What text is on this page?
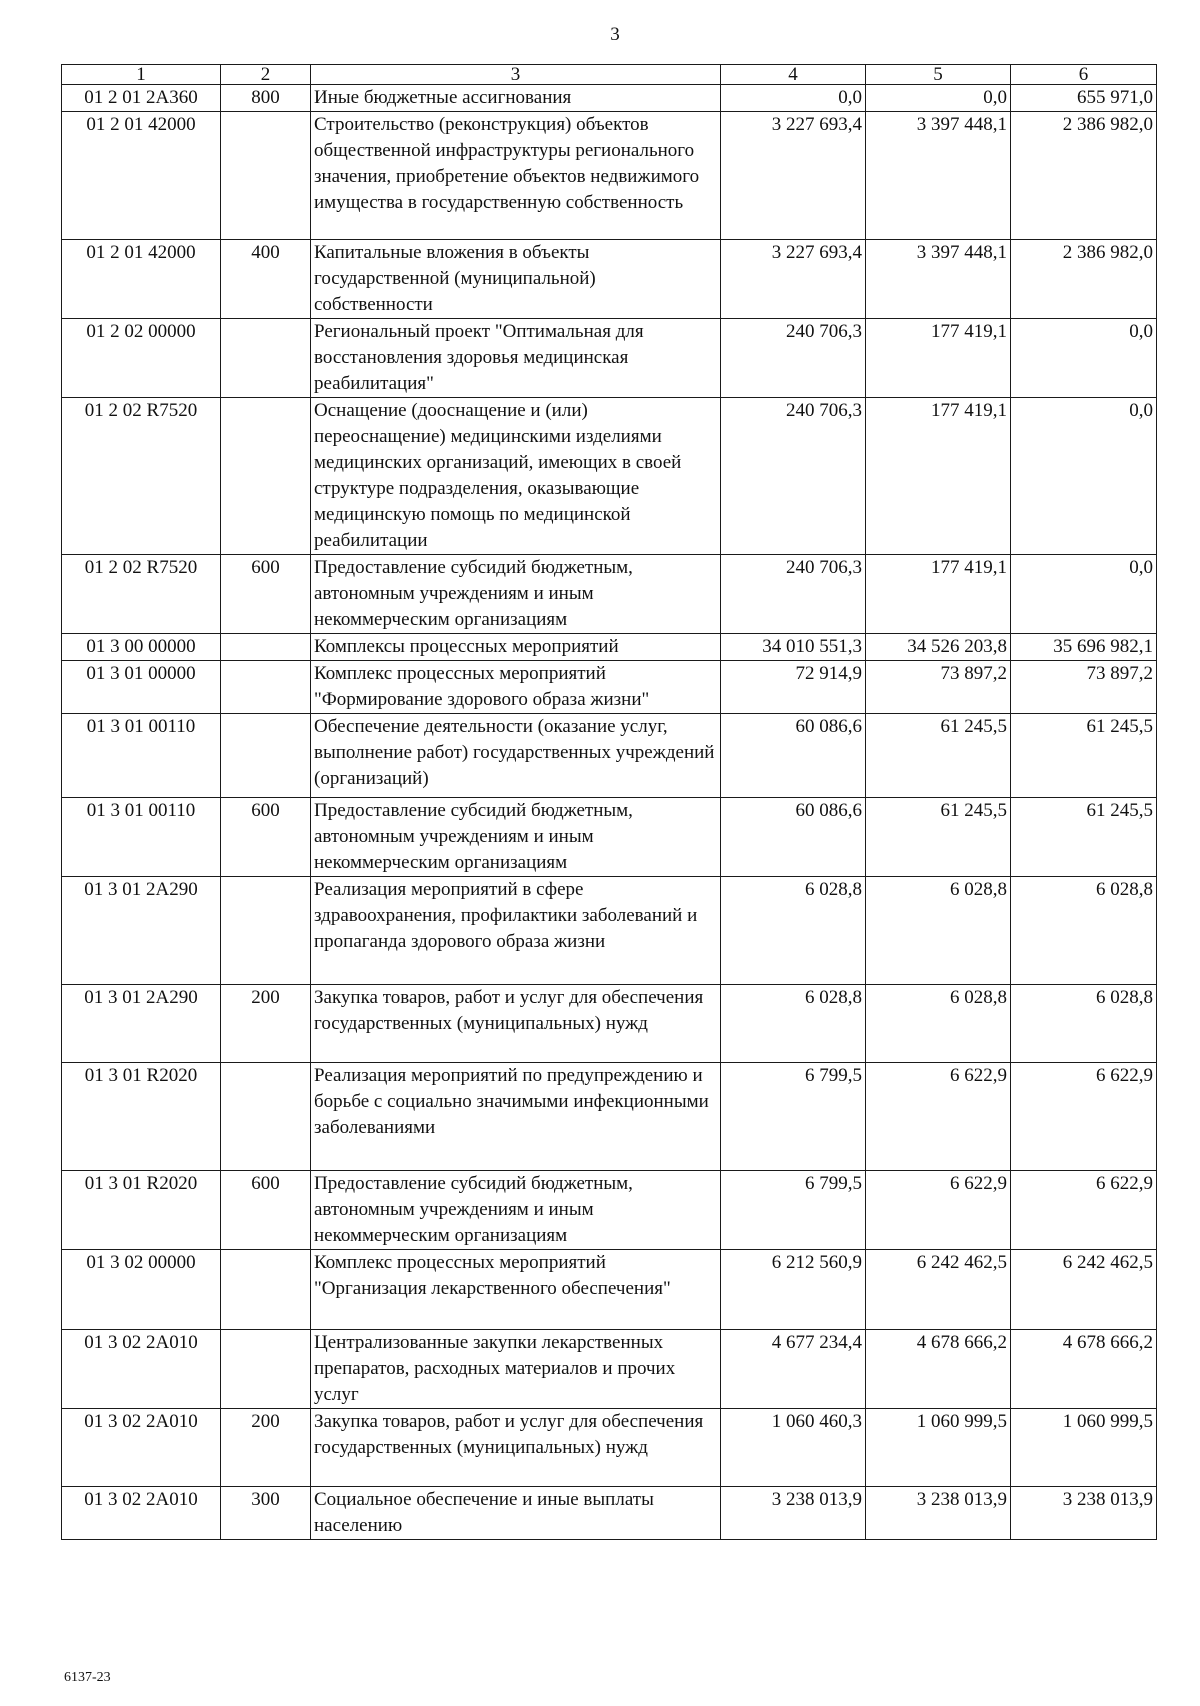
3
1	2	3	4	5	6
01 2 01 2А360	800	Иные бюджетные ассигнования	0,0	0,0	655 971,0
01 2 01 42000		Строительство (реконструкция) объектов общественной инфраструктуры регионального значения, приобретение объектов недвижимого имущества в государственную собственность	3 227 693,4	3 397 448,1	2 386 982,0
01 2 01 42000	400	Капитальные вложения в объекты государственной (муниципальной) собственности	3 227 693,4	3 397 448,1	2 386 982,0
01 2 02 00000		Региональный проект "Оптимальная для восстановления здоровья медицинская реабилитация"	240 706,3	177 419,1	0,0
01 2 02 R7520		Оснащение (дооснащение и (или) переоснащение) медицинскими изделиями медицинских организаций, имеющих в своей структуре подразделения, оказывающие медицинскую помощь по медицинской реабилитации	240 706,3	177 419,1	0,0
01 2 02 R7520	600	Предоставление субсидий бюджетным, автономным учреждениям и иным некоммерческим организациям	240 706,3	177 419,1	0,0
01 3 00 00000		Комплексы процессных мероприятий	34 010 551,3	34 526 203,8	35 696 982,1
01 3 01 00000		Комплекс процессных мероприятий "Формирование здорового образа жизни"	72 914,9	73 897,2	73 897,2
01 3 01 00110		Обеспечение деятельности (оказание услуг, выполнение работ) государственных учреждений (организаций)	60 086,6	61 245,5	61 245,5
01 3 01 00110	600	Предоставление субсидий бюджетным, автономным учреждениям и иным некоммерческим организациям	60 086,6	61 245,5	61 245,5
01 3 01 2А290		Реализация мероприятий в сфере здравоохранения, профилактики заболеваний и пропаганда здорового образа жизни	6 028,8	6 028,8	6 028,8
01 3 01 2А290	200	Закупка товаров, работ и услуг для обеспечения государственных (муниципальных) нужд	6 028,8	6 028,8	6 028,8
01 3 01 R2020		Реализация мероприятий по предупреждению и борьбе с социально значимыми инфекционными заболеваниями	6 799,5	6 622,9	6 622,9
01 3 01 R2020	600	Предоставление субсидий бюджетным, автономным учреждениям и иным некоммерческим организациям	6 799,5	6 622,9	6 622,9
01 3 02 00000		Комплекс процессных мероприятий "Организация лекарственного обеспечения"	6 212 560,9	6 242 462,5	6 242 462,5
01 3 02 2А010		Централизованные закупки лекарственных препаратов, расходных материалов и прочих услуг	4 677 234,4	4 678 666,2	4 678 666,2
01 3 02 2А010	200	Закупка товаров, работ и услуг для обеспечения государственных (муниципальных) нужд	1 060 460,3	1 060 999,5	1 060 999,5
01 3 02 2А010	300	Социальное обеспечение и иные выплаты населению	3 238 013,9	3 238 013,9	3 238 013,9
6137-23
